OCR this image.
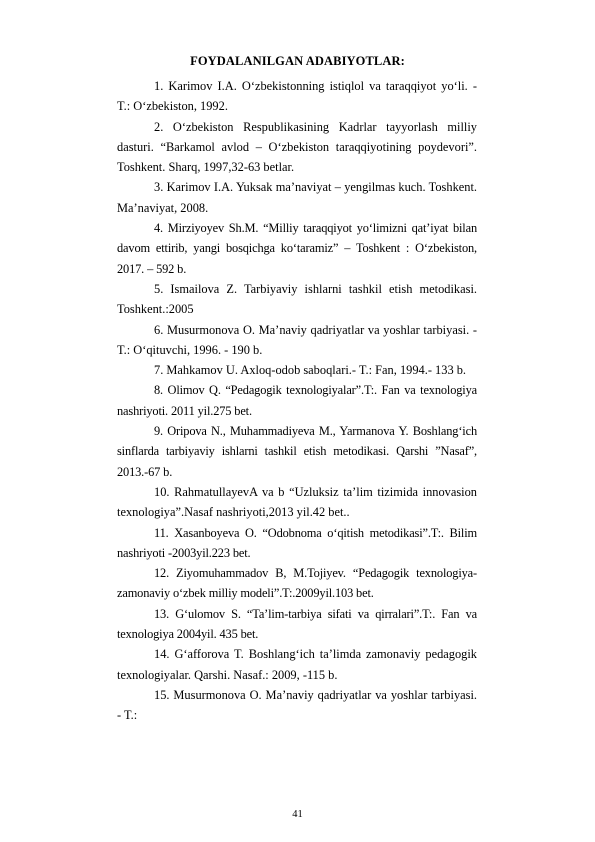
FOYDALANILGAN ADABIYOTLAR:

1. Karimov I.A. O‘zbekistonning istiqlol va taraqqiyot yo‘li. - T.: O‘zbekiston, 1992.

2. O‘zbekiston Respublikasining Kadrlar tayyorlash milliy dasturi. “Barkamol avlod – O‘zbekiston taraqqiyotining poydevori”. Toshkent. Sharq, 1997,32-63 betlar.

3. Karimov I.A. Yuksak ma’naviyat – yengilmas kuch. Toshkent. Ma’naviyat, 2008.

4. Mirziyoyev Sh.M. “Milliy taraqqiyot yo‘limizni qat’iyat bilan davom ettirib, yangi bosqichga ko‘taramiz” – Toshkent : O‘zbekiston, 2017. – 592 b.

5. Ismailova Z. Tarbiyaviy ishlarni tashkil etish metodikasi. Toshkent.:2005

6. Musurmonova O. Ma’naviy qadriyatlar va yoshlar tarbiyasi. - T.: O‘qituvchi, 1996. - 190 b.

7. Mahkamov U. Axloq-odob saboqlari.- T.: Fan, 1994.- 133 b.

8. Olimov Q. “Pedagogik texnologiyalar”.T:. Fan va texnologiya nashriyoti. 2011 yil.275 bet.

9. Oripova N., Muhammadiyeva M., Yarmanova Y. Boshlang‘ich sinflarda tarbiyaviy ishlarni tashkil etish metodikasi. Qarshi ”Nasaf”, 2013.-67 b.

10. RahmatullayevA va b “Uzluksiz ta’lim tizimida innovasion texnologiya”.Nasaf nashriyoti,2013 yil.42 bet..

11. Xasanboyeva O. “Odobnoma o‘qitish metodikasi”.T:. Bilim nashriyoti -2003yil.223 bet.

12. Ziyomuhammadov B, M.Tojiyev. “Pedagogik texnologiya-zamonaviy o‘zbek milliy modeli”.T:.2009yil.103 bet.

13. G‘ulomov S. “Ta’lim-tarbiya sifati va qirralari”.T:. Fan va texnologiya 2004yil. 435 bet.

14. G‘afforova T. Boshlang‘ich ta’limda zamonaviy pedagogik texnologiyalar. Qarshi. Nasaf.: 2009, -115 b.

15. Musurmonova O. Ma’naviy qadriyatlar va yoshlar tarbiyasi. - T.:

41
